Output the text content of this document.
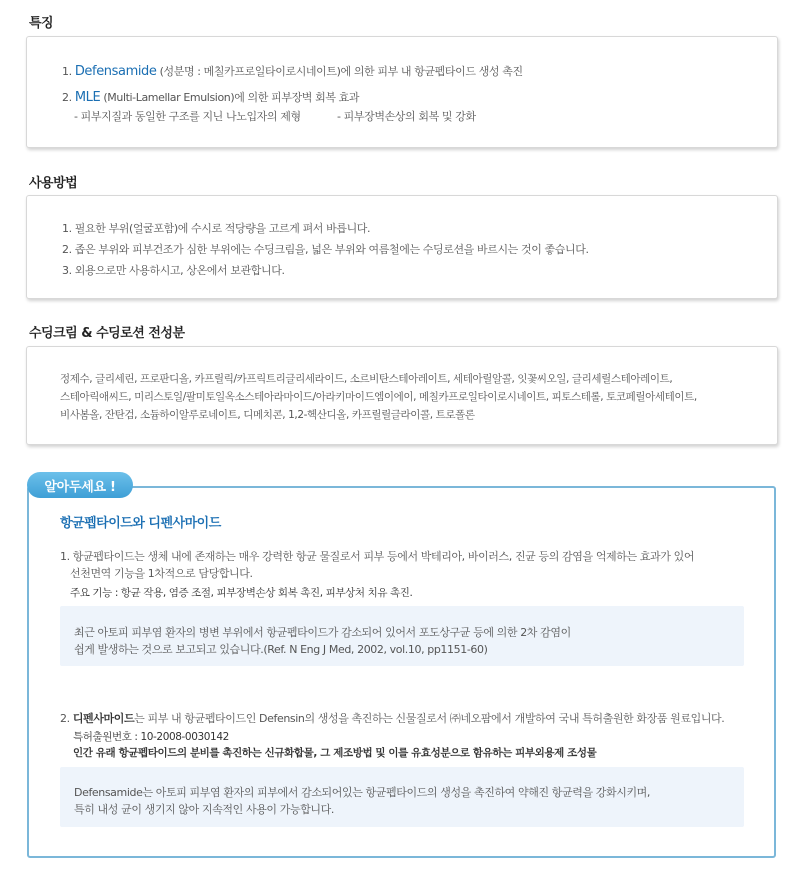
특징
1. Defensamide (성분명 : 메칠카프로일타이로시네이트)에 의한 피부 내 항균펩타이드 생성 촉진
2. MLE (Multi-Lamellar Emulsion)에 의한 피부장벽 회복 효과
- 피부지질과 동일한 구조를 지닌 나노입자의 제형	- 피부장벽손상의 회복 및 강화
사용방법
1. 필요한 부위(얼굴포함)에 수시로 적당량을 고르게 펴서 바릅니다.
2. 좁은 부위와 피부건조가 심한 부위에는 수딩크림을, 넓은 부위와 여름철에는 수딩로션을 바르시는 것이 좋습니다.
3. 외용으로만 사용하시고, 상온에서 보관합니다.
수딩크림 & 수딩로션 전성분
정제수, 글리세린, 프로판디올, 카프릴릭/카프릭트리글리세라이드, 소르비탄스테아레이트, 세테아릴알콜, 잇꽃씨오일, 글리세릴스테아레이트,
스테아릭애씨드, 미리스토일/팔미토일옥소스테아라마이드/아라키마이드엠이에이, 메칠카프로일타이로시네이트, 피토스테롤, 토코페릴아세테이트,
비사봄올, 잔탄검, 소듐하이알루로네이트, 디메치콘, 1,2-헥산디올, 카프릴릴글라이콜, 트로폴론
알아두세요 !
항균펩타이드와 디펜사마이드
1. 항균펩타이드는 생체 내에 존재하는 매우 강력한 항균 물질로서 피부 등에서 박테리아, 바이러스, 진균 등의 감염을 억제하는 효과가 있어
선천면역 기능을 1차적으로 담당합니다.
주요 기능 : 항균 작용, 염증 조절, 피부장벽손상 회복 촉진, 피부상처 치유 촉진.
최근 아토피 피부염 환자의 병변 부위에서 항균펩타이드가 감소되어 있어서 포도상구균 등에 의한 2차 감염이
쉽게 발생하는 것으로 보고되고 있습니다.(Ref. N Eng J Med, 2002, vol.10, pp1151-60)
2. 디펜사마이드는 피부 내 항균펩타이드인 Defensin의 생성을 촉진하는 신물질로서 ㈜네오팜에서 개발하여 국내 특허출원한 화장품 원료입니다.
특허출원번호 : 10-2008-0030142
인간 유래 항균펩타이드의 분비를 촉진하는 신규화합물, 그 제조방법 및 이를 유효성분으로 함유하는 피부외용제 조성물
Defensamide는 아토피 피부염 환자의 피부에서 감소되어있는 항균펩타이드의 생성을 촉진하여 약해진 항균력을 강화시키며,
특히 내성 균이 생기지 않아 지속적인 사용이 가능합니다.
